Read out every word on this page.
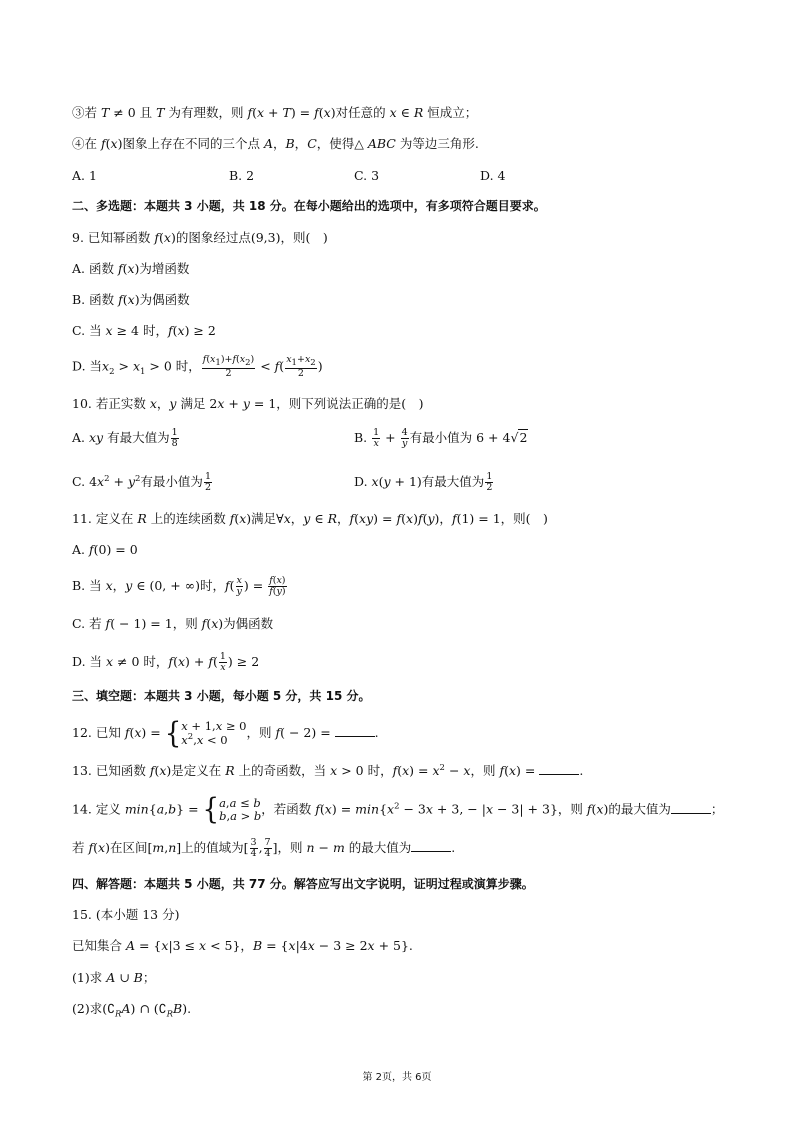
③若 T ≠ 0 且 T 为有理数，则 f(x + T) = f(x)对任意的 x ∈ R 恒成立；
④在 f(x)图象上存在不同的三个点 A，B，C，使得△ ABC 为等边三角形.
A. 1	B. 2	C. 3	D. 4
二、多选题：本题共 3 小题，共 18 分。在每小题给出的选项中，有多项符合题目要求。
9. 已知幂函数 f(x)的图象经过点(9,3)，则(　)
A. 函数 f(x)为增函数
B. 函数 f(x)为偶函数
C. 当 x ≥ 4 时，f(x) ≥ 2
D. 当$x_2 > x_1 > 0$ 时， $\frac{f(x_1)+f(x_2)}{2} < f( \frac{x_1+x_2}{2}$ )
10. 若正实数 x，y 满足 2x + y = 1，则下列说法正确的是(　)
A. xy 有最大值为 $\frac{1}{8}$	B. $\frac{1}{x} + \frac{4}{y}$ 有最小值为 6 + 4√2
C. $4x^2 + y^2$有最小值为 $\frac{1}{2}$	D. x(y + 1)有最大值为 $\frac{1}{2}$
11. 定义在 R 上的连续函数 f(x)满足∀x，y ∈ R，f(xy) = f(x)f(y)，f(1) = 1，则(　)
A. f(0) = 0
B. 当 x，y ∈ (0, + ∞)时，$f( \frac{x}{y}$ ) = $\frac{f(x)}{f(y)}$
C. 若 f( − 1) = 1，则 f(x)为偶函数
D. 当 x ≠ 0 时，$f(x) + f( \frac{1}{x}$ ) ≥ 2
三、填空题：本题共 3 小题，每小题 5 分，共 15 分。
12. 已知 f(x) = { x + 1,x ≥ 0
$x^2,x < 0$	，则 f( − 2) =	.
13. 已知函数 f(x)是定义在 R 上的奇函数，当 x > 0 时，$f(x) = x^2 - x$，则 f(x) =	.
14. 定义 min{a,b} = { a,a ≤ b
b,a > b ，若函数 $f(x) = \min\{x^2 - 3x + 3$, − |x − 3| + 3}，则 f(x)的最大值为	；
若 f(x)在区间[m,n]上的值域为[ $\frac{3}{4}$ , $\frac{7}{4}$ ]，则 n − m 的最大值为	.
四、解答题：本题共 5 小题，共 77 分。解答应写出文字说明，证明过程或演算步骤。
15. (本小题 13 分)
已知集合 A = {x|3 ≤ x < 5}，B = {x|4x − 3 ≥ 2x + 5}.
(1)求 A ∪ B；
(2)求$(∁_RA)$ ∩ $(∁_RB)$.
第 2页，共 6页
